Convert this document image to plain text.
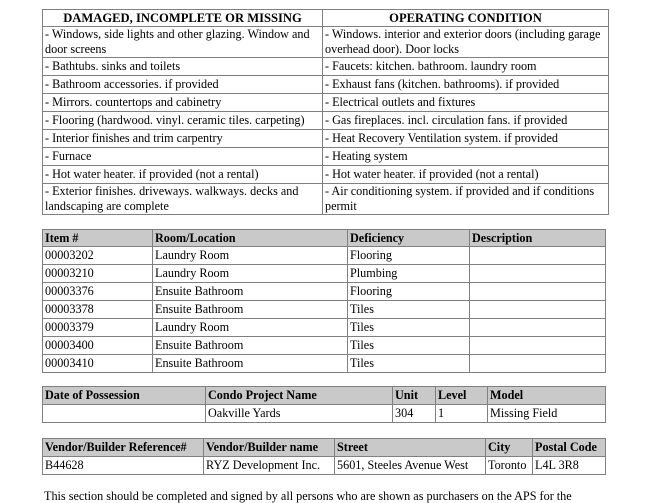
DAMAGED, INCOMPLETE OR MISSING	OPERATING CONDITION
- Windows, side lights and other glazing. Window and door screens	- Windows. interior and exterior doors (including garage overhead door). Door locks
- Bathtubs. sinks and toilets	- Faucets: kitchen. bathroom. laundry room
- Bathroom accessories. if provided	- Exhaust fans (kitchen. bathrooms). if provided
- Mirrors. countertops and cabinetry	- Electrical outlets and fixtures
- Flooring (hardwood. vinyl. ceramic tiles. carpeting)	- Gas fireplaces. incl. circulation fans. if provided
- Interior finishes and trim carpentry	- Heat Recovery Ventilation system. if provided
- Furnace	- Heating system
- Hot water heater. if provided (not a rental)	- Hot water heater. if provided (not a rental)
- Exterior finishes. driveways. walkways. decks and landscaping are complete	- Air conditioning system. if provided and if conditions permit
Item #	Room/Location	Deficiency	Description
00003202	Laundry Room	Flooring	
00003210	Laundry Room	Plumbing	
00003376	Ensuite Bathroom	Flooring	
00003378	Ensuite Bathroom	Tiles	
00003379	Laundry Room	Tiles	
00003400	Ensuite Bathroom	Tiles	
00003410	Ensuite Bathroom	Tiles	
Date of Possession	Condo Project Name	Unit	Level	Model
	Oakville Yards	304	1	Missing Field
Vendor/Builder Reference#	Vendor/Builder name	Street	City	Postal Code
B44628	RYZ Development Inc.	5601, Steeles Avenue West	Toronto	L4L 3R8
This section should be completed and signed by all persons who are shown as purchasers on the APS for the
